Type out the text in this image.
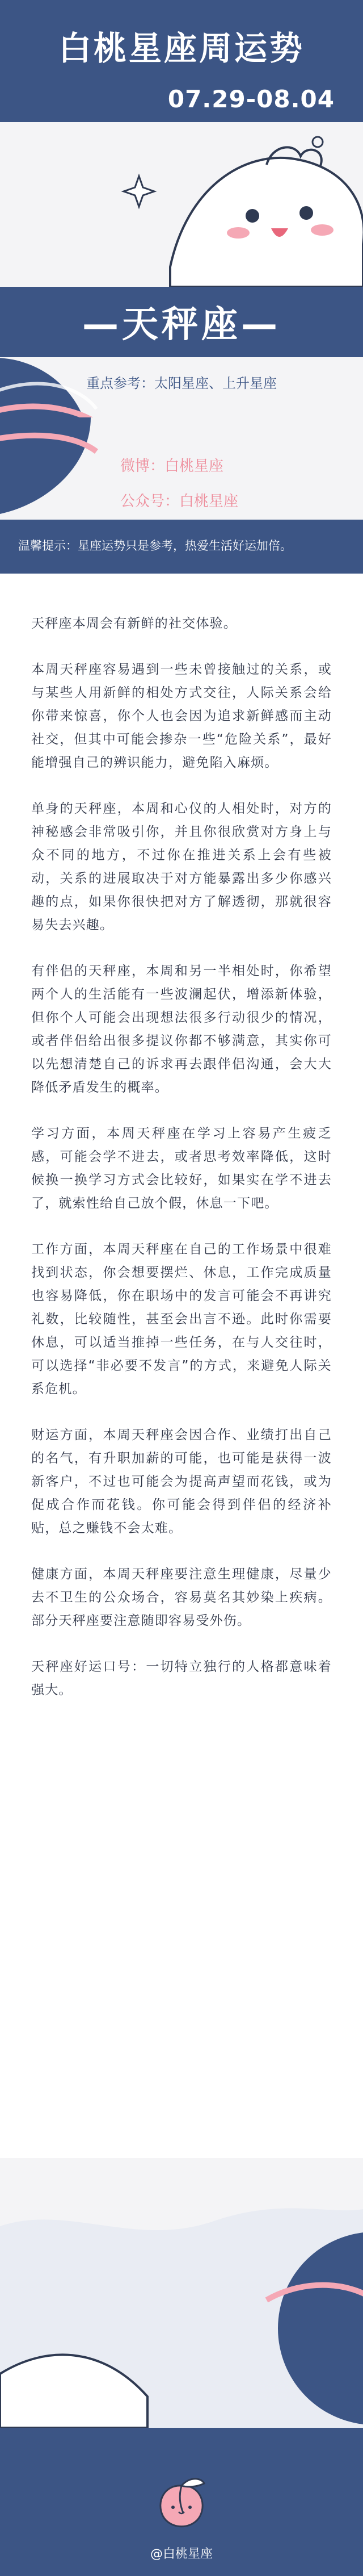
白桃星座周运势
07.29-08.04
—天秤座—
重点参考：太阳星座、上升星座
微博：白桃星座
公众号：白桃星座
温馨提示：星座运势只是参考，热爱生活好运加倍。

天秤座本周会有新鲜的社交体验。

本周天秤座容易遇到一些未曾接触过的关系，或与某些人用新鲜的相处方式交往，人际关系会给你带来惊喜，你个人也会因为追求新鲜感而主动社交，但其中可能会掺杂一些“危险关系”，最好能增强自己的辨识能力，避免陷入麻烦。

单身的天秤座，本周和心仪的人相处时，对方的神秘感会非常吸引你，并且你很欣赏对方身上与众不同的地方，不过你在推进关系上会有些被动，关系的进展取决于对方能暴露出多少你感兴趣的点，如果你很快把对方了解透彻，那就很容易失去兴趣。

有伴侣的天秤座，本周和另一半相处时，你希望两个人的生活能有一些波澜起伏，增添新体验，但你个人可能会出现想法很多行动很少的情况，或者伴侣给出很多提议你都不够满意，其实你可以先想清楚自己的诉求再去跟伴侣沟通，会大大降低矛盾发生的概率。

学习方面，本周天秤座在学习上容易产生疲乏感，可能会学不进去，或者思考效率降低，这时候换一换学习方式会比较好，如果实在学不进去了，就索性给自己放个假，休息一下吧。

工作方面，本周天秤座在自己的工作场景中很难找到状态，你会想要摆烂、休息，工作完成质量也容易降低，你在职场中的发言可能会不再讲究礼数，比较随性，甚至会出言不逊。此时你需要休息，可以适当推掉一些任务，在与人交往时，可以选择“非必要不发言”的方式，来避免人际关系危机。

财运方面，本周天秤座会因合作、业绩打出自己的名气，有升职加薪的可能，也可能是获得一波新客户，不过也可能会为提高声望而花钱，或为促成合作而花钱。你可能会得到伴侣的经济补贴，总之赚钱不会太难。

健康方面，本周天秤座要注意生理健康，尽量少去不卫生的公众场合，容易莫名其妙染上疾病。部分天秤座要注意随即容易受外伤。

天秤座好运口号：一切特立独行的人格都意味着强大。

@白桃星座
